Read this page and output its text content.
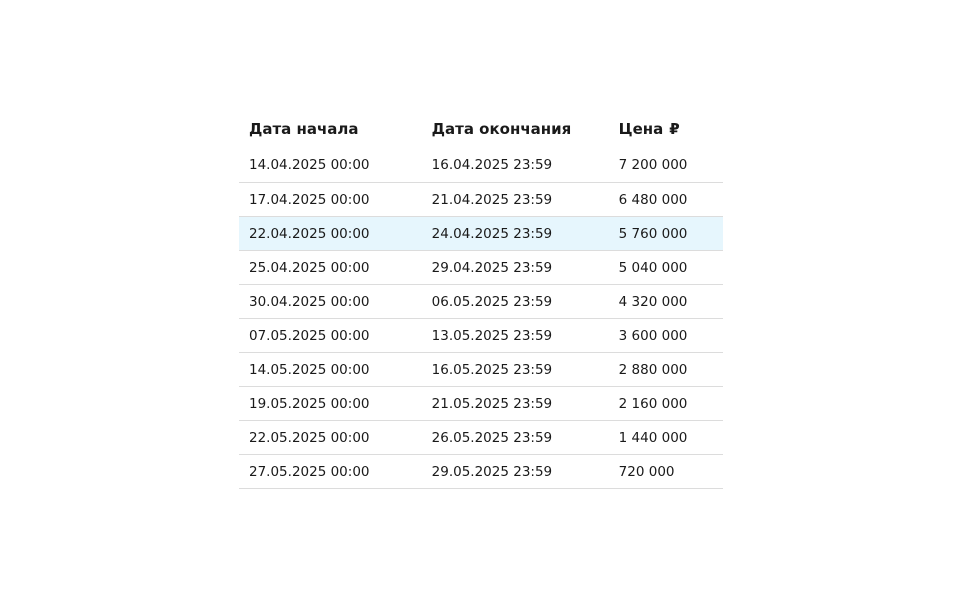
Дата начала	Дата окончания	Цена ₽
14.04.2025 00:00	16.04.2025 23:59	7 200 000
17.04.2025 00:00	21.04.2025 23:59	6 480 000
22.04.2025 00:00	24.04.2025 23:59	5 760 000
25.04.2025 00:00	29.04.2025 23:59	5 040 000
30.04.2025 00:00	06.05.2025 23:59	4 320 000
07.05.2025 00:00	13.05.2025 23:59	3 600 000
14.05.2025 00:00	16.05.2025 23:59	2 880 000
19.05.2025 00:00	21.05.2025 23:59	2 160 000
22.05.2025 00:00	26.05.2025 23:59	1 440 000
27.05.2025 00:00	29.05.2025 23:59	720 000
